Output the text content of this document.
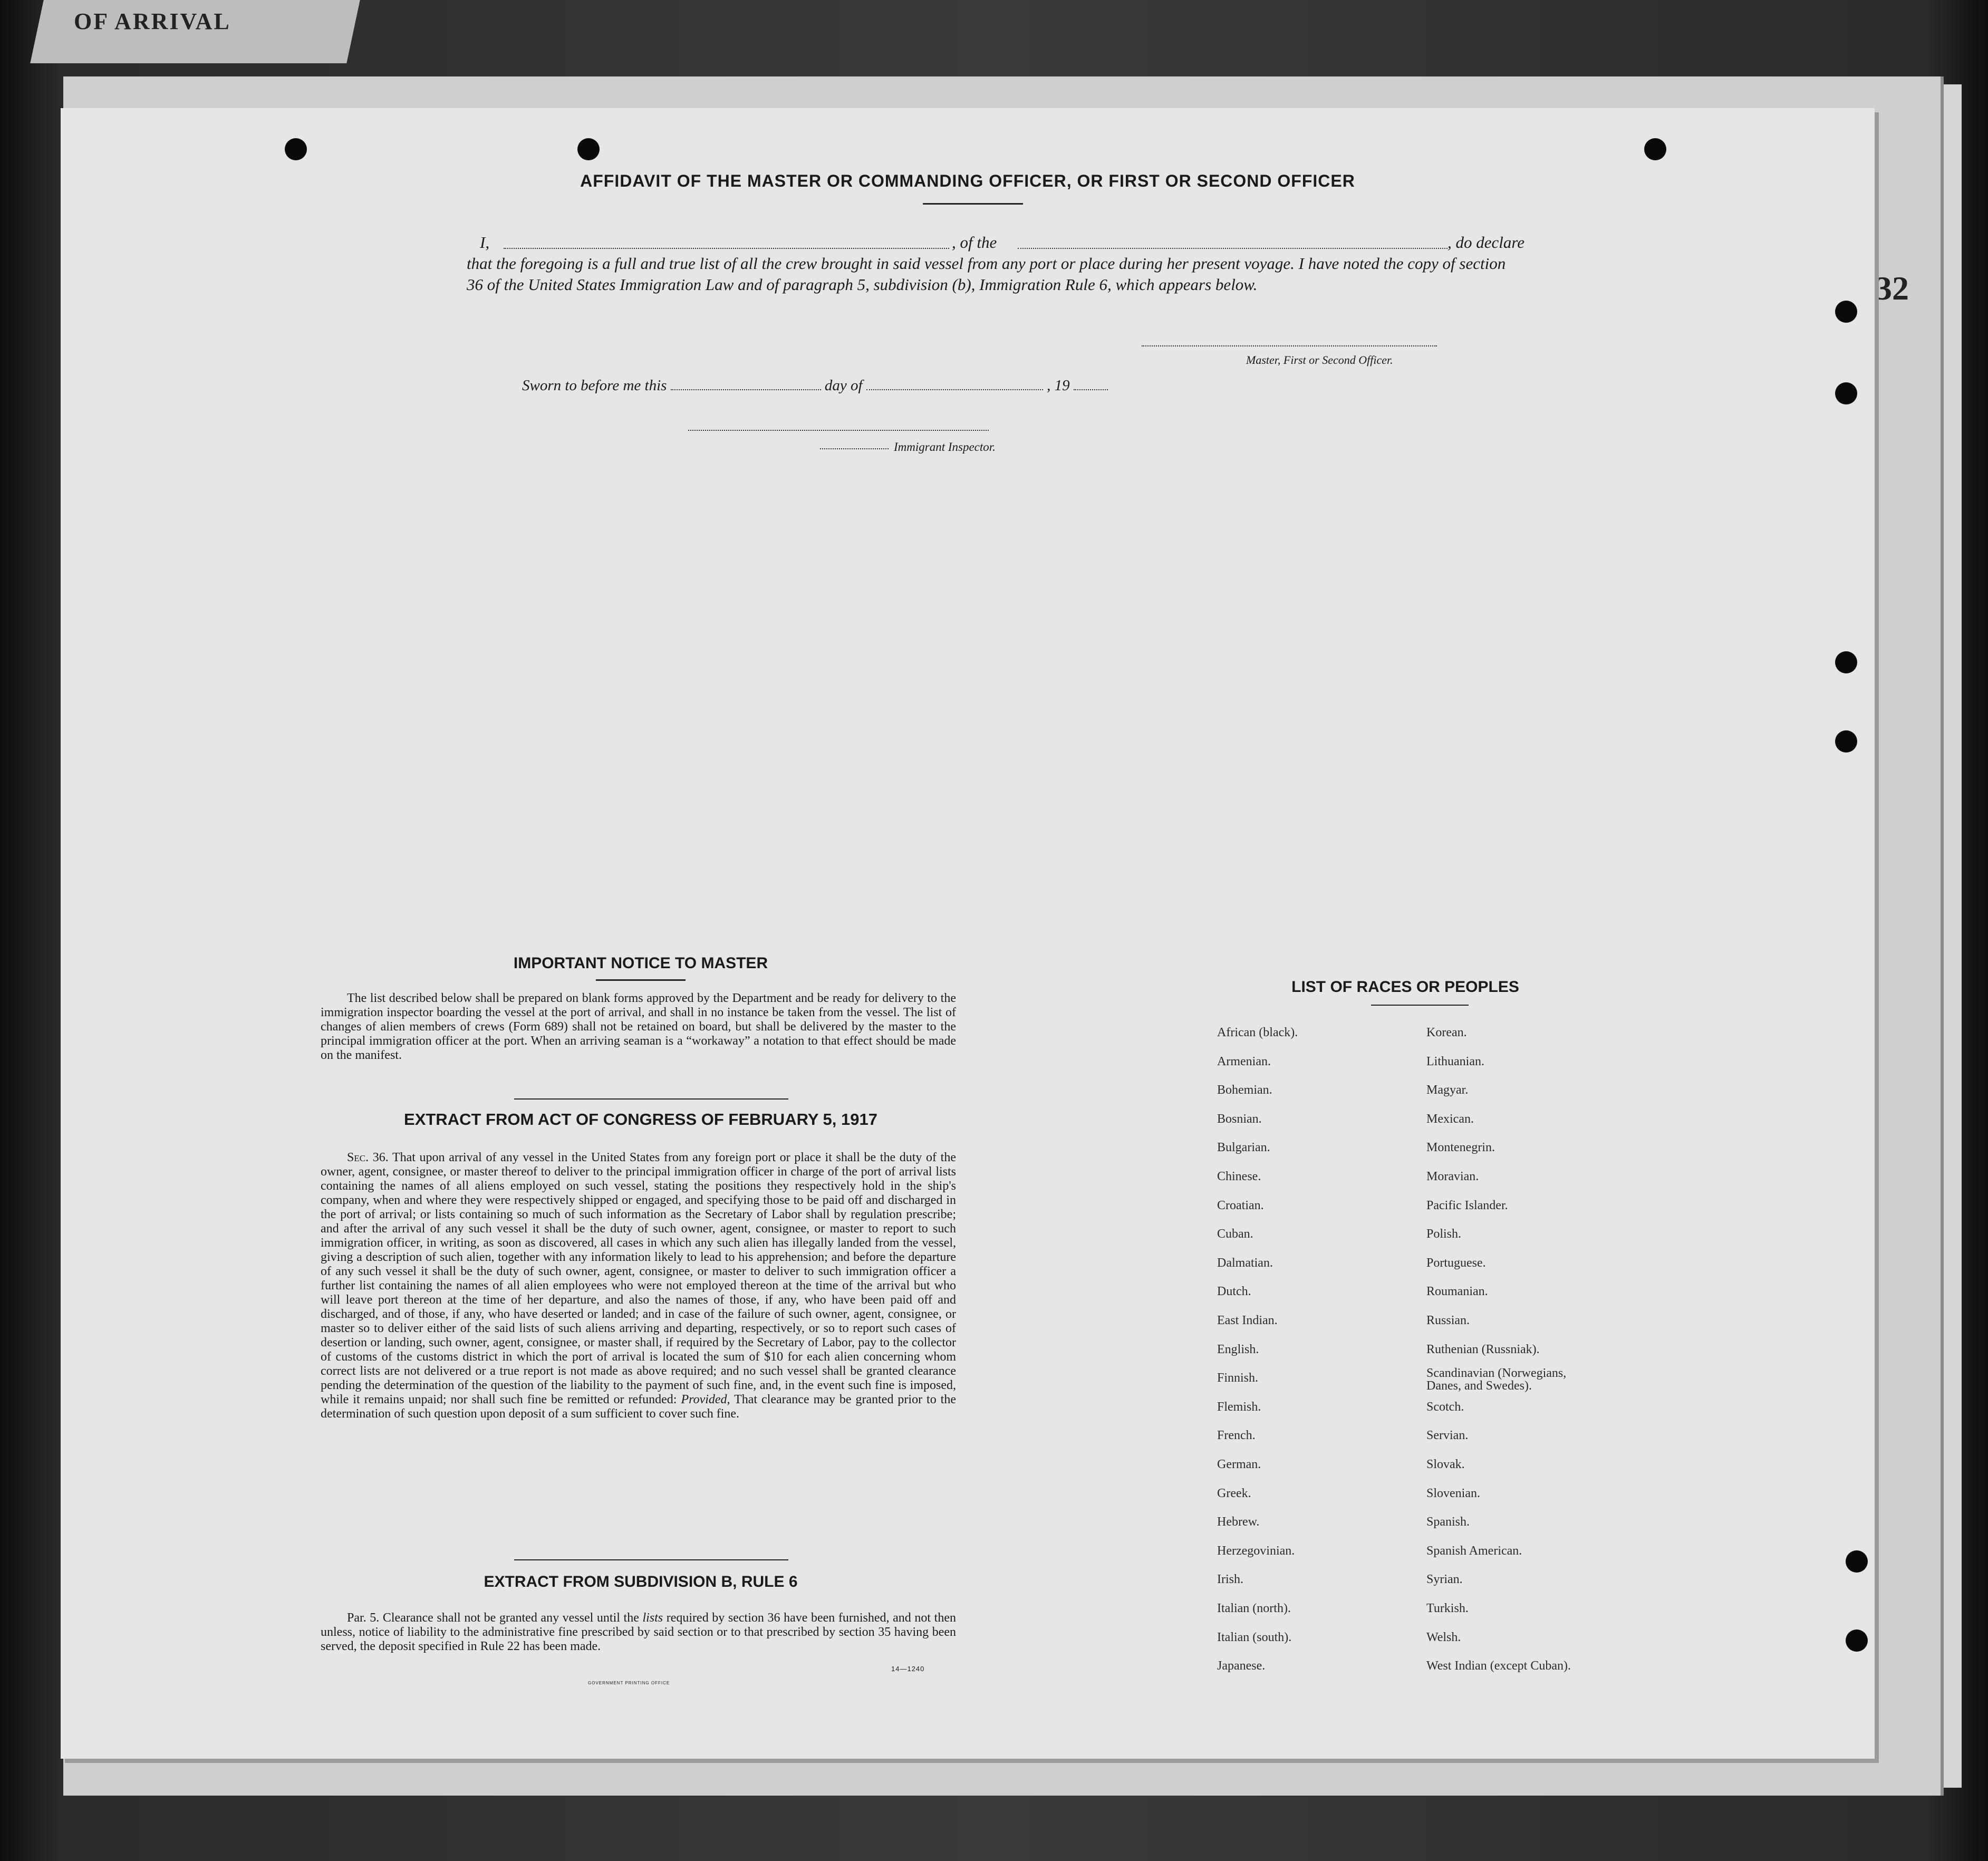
OF ARRIVAL
32
AFFIDAVIT OF THE MASTER OR COMMANDING OFFICER, OR FIRST OR SECOND OFFICER
I,	, of the	, do declare
that the foregoing is a full and true list of all the crew brought in said vessel from any port or place during her present voyage. I have noted the copy of section 36 of the United States Immigration Law and of paragraph 5, subdivision (b), Immigration Rule 6, which appears below.
Master, First or Second Officer.
Sworn to before me this	day of	, 19
Immigrant Inspector.
IMPORTANT NOTICE TO MASTER
The list described below shall be prepared on blank forms approved by the Department and be ready for delivery to the immigration inspector boarding the vessel at the port of arrival, and shall in no instance be taken from the vessel. The list of changes of alien members of crews (Form 689) shall not be retained on board, but shall be delivered by the master to the principal immigration officer at the port. When an arriving seaman is a “workaway” a notation to that effect should be made on the manifest.
EXTRACT FROM ACT OF CONGRESS OF FEBRUARY 5, 1917
Sec. 36. That upon arrival of any vessel in the United States from any foreign port or place it shall be the duty of the owner, agent, consignee, or master thereof to deliver to the principal immigration officer in charge of the port of arrival lists containing the names of all aliens employed on such vessel, stating the positions they respectively hold in the ship's company, when and where they were respectively shipped or engaged, and specifying those to be paid off and discharged in the port of arrival; or lists containing so much of such information as the Secretary of Labor shall by regulation prescribe; and after the arrival of any such vessel it shall be the duty of such owner, agent, consignee, or master to report to such immigration officer, in writing, as soon as discovered, all cases in which any such alien has illegally landed from the vessel, giving a description of such alien, together with any information likely to lead to his apprehension; and before the departure of any such vessel it shall be the duty of such owner, agent, consignee, or master to deliver to such immigration officer a further list containing the names of all alien employees who were not employed thereon at the time of the arrival but who will leave port thereon at the time of her departure, and also the names of those, if any, who have been paid off and discharged, and of those, if any, who have deserted or landed; and in case of the failure of such owner, agent, consignee, or master so to deliver either of the said lists of such aliens arriving and departing, respectively, or so to report such cases of desertion or landing, such owner, agent, consignee, or master shall, if required by the Secretary of Labor, pay to the collector of customs of the customs district in which the port of arrival is located the sum of $10 for each alien concerning whom correct lists are not delivered or a true report is not made as above required; and no such vessel shall be granted clearance pending the determination of the question of the liability to the payment of such fine, and, in the event such fine is imposed, while it remains unpaid; nor shall such fine be remitted or refunded: Provided, That clearance may be granted prior to the determination of such question upon deposit of a sum sufficient to cover such fine.
EXTRACT FROM SUBDIVISION B, RULE 6
Par. 5. Clearance shall not be granted any vessel until the lists required by section 36 have been furnished, and not then unless, notice of liability to the administrative fine prescribed by said section or to that prescribed by section 35 having been served, the deposit specified in Rule 22 has been made.
GOVERNMENT PRINTING OFFICE
14—1240
LIST OF RACES OR PEOPLES
African (black).
Armenian.
Bohemian.
Bosnian.
Bulgarian.
Chinese.
Croatian.
Cuban.
Dalmatian.
Dutch.
East Indian.
English.
Finnish.
Flemish.
French.
German.
Greek.
Hebrew.
Herzegovinian.
Irish.
Italian (north).
Italian (south).
Japanese.
Korean.
Lithuanian.
Magyar.
Mexican.
Montenegrin.
Moravian.
Pacific Islander.
Polish.
Portuguese.
Roumanian.
Russian.
Ruthenian (Russniak).
Scandinavian (Norwegians, Danes, and Swedes).
Scotch.
Servian.
Slovak.
Slovenian.
Spanish.
Spanish American.
Syrian.
Turkish.
Welsh.
West Indian (except Cuban).
